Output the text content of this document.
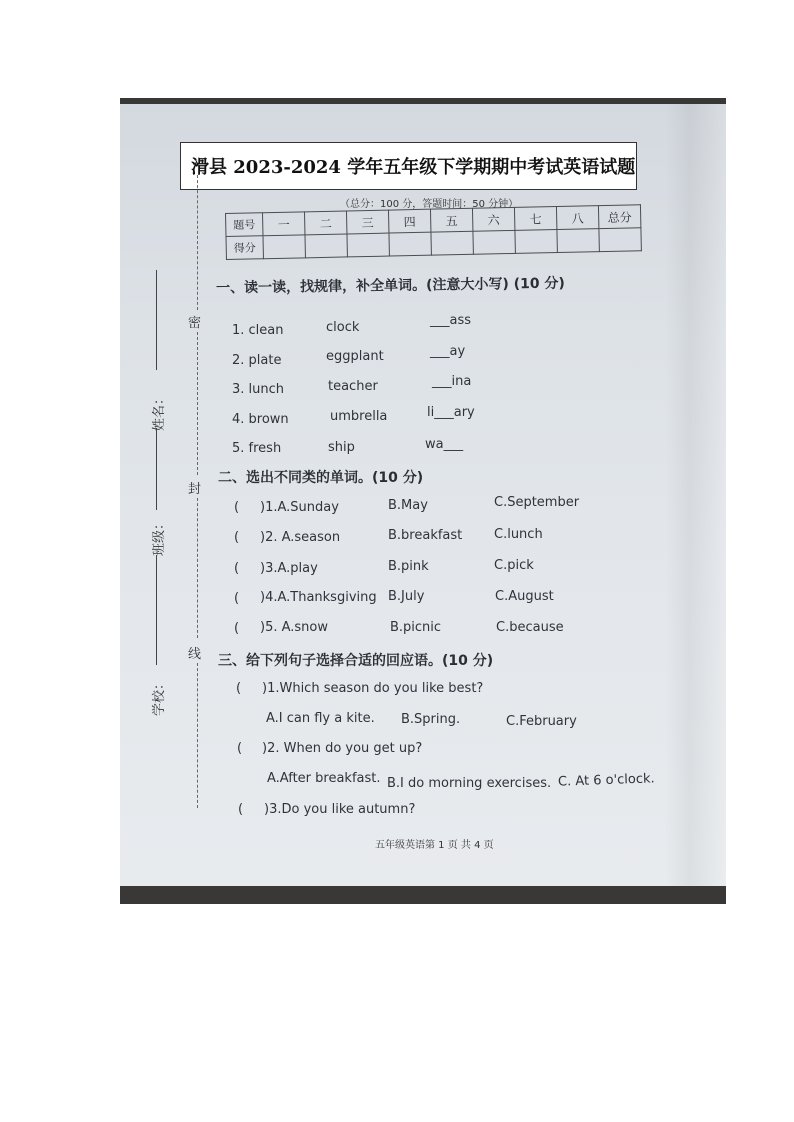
滑县 2023-2024 学年五年级下学期期中考试英语试题
（总分：100 分，答题时间：50 分钟）
题号	一	二	三	四	五	六	七	八	总分
得分									
密
封
线
姓名：
班级：
学校：
一、读一读，找规律，补全单词。(注意大小写) (10 分)
1. clean	clock	___ass
2. plate	eggplant	___ay
3. lunch	teacher	___ina
4. brown	umbrella	li___ary
5. fresh	ship	wa___
二、选出不同类的单词。(10 分)
( )1.A.Sunday	B.May	C.September
( )2. A.season	B.breakfast C.lunch
( )3.A.play	B.pink	C.pick
( )4.A.Thanksgiving B.July	C.August
( )5. A.snow	B.picnic	C.because
三、给下列句子选择合适的回应语。(10 分)
( )1.Which season do you like best?
A.I can fly a kite. B.Spring.	C.February
( )2. When do you get up?
A.After breakfast. B.I do morning exercises. C. At 6 o'clock.
( )3.Do you like autumn?
五年级英语第 1 页 共 4 页
